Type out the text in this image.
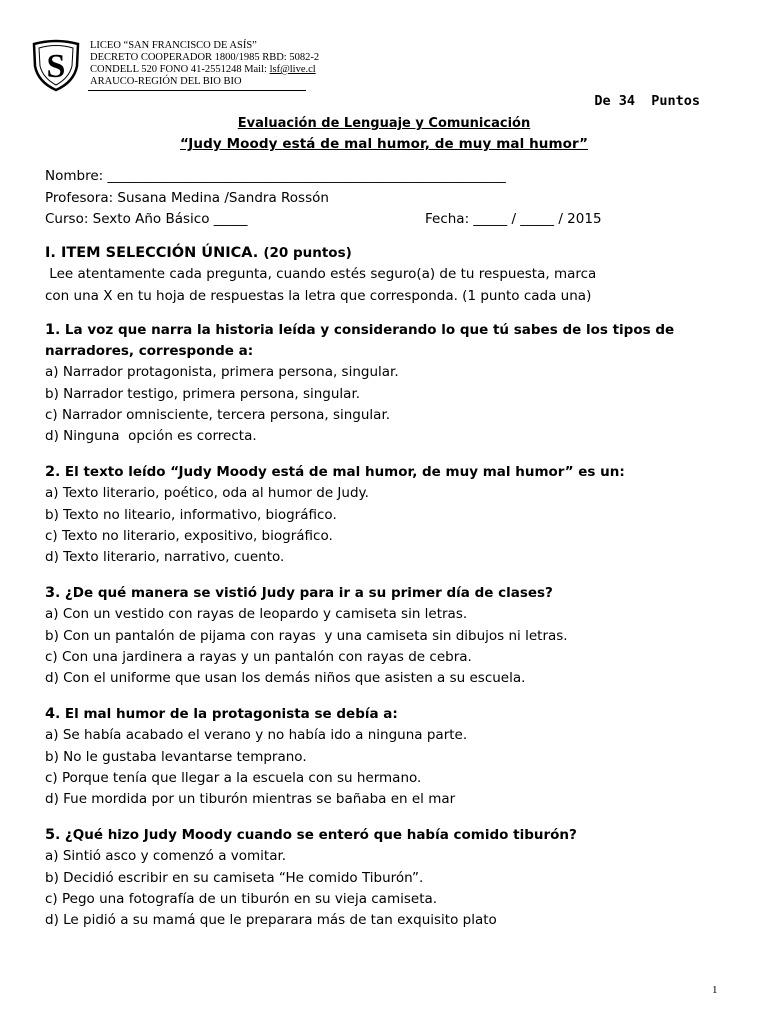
S
LICEO “SAN FRANCISCO DE ASÍS”
DECRETO COOPERADOR 1800/1985 RBD: 5082-2
CONDELL 520 FONO 41-2551248 Mail: lsf@live.cl
ARAUCO-REGIÓN DEL BIO BIO
De 34  Puntos
Evaluación de Lenguaje y Comunicación
“Judy Moody está de mal humor, de muy mal humor”
Nombre: ___________________________________________________________
Profesora: Susana Medina /Sandra Rossón
Curso: Sexto Año Básico _____	Fecha: _____ / _____ / 2015
I. ITEM SELECCIÓN ÚNICA. (20 puntos)
Lee atentamente cada pregunta, cuando estés seguro(a) de tu respuesta, marca
con una X en tu hoja de respuestas la letra que corresponda. (1 punto cada una)
1. La voz que narra la historia leída y considerando lo que tú sabes de los tipos de narradores, corresponde a:
a) Narrador protagonista, primera persona, singular.
b) Narrador testigo, primera persona, singular.
c) Narrador omnisciente, tercera persona, singular.
d) Ninguna  opción es correcta.
2. El texto leído “Judy Moody está de mal humor, de muy mal humor” es un:
a) Texto literario, poético, oda al humor de Judy.
b) Texto no liteario, informativo, biográfico.
c) Texto no literario, expositivo, biográfico.
d) Texto literario, narrativo, cuento.
3. ¿De qué manera se vistió Judy para ir a su primer día de clases?
a) Con un vestido con rayas de leopardo y camiseta sin letras.
b) Con un pantalón de pijama con rayas  y una camiseta sin dibujos ni letras.
c) Con una jardinera a rayas y un pantalón con rayas de cebra.
d) Con el uniforme que usan los demás niños que asisten a su escuela.
4. El mal humor de la protagonista se debía a:
a) Se había acabado el verano y no había ido a ninguna parte.
b) No le gustaba levantarse temprano.
c) Porque tenía que llegar a la escuela con su hermano.
d) Fue mordida por un tiburón mientras se bañaba en el mar
5. ¿Qué hizo Judy Moody cuando se enteró que había comido tiburón?
a) Sintió asco y comenzó a vomitar.
b) Decidió escribir en su camiseta “He comido Tiburón”.
c) Pego una fotografía de un tiburón en su vieja camiseta.
d) Le pidió a su mamá que le preparara más de tan exquisito plato
1
